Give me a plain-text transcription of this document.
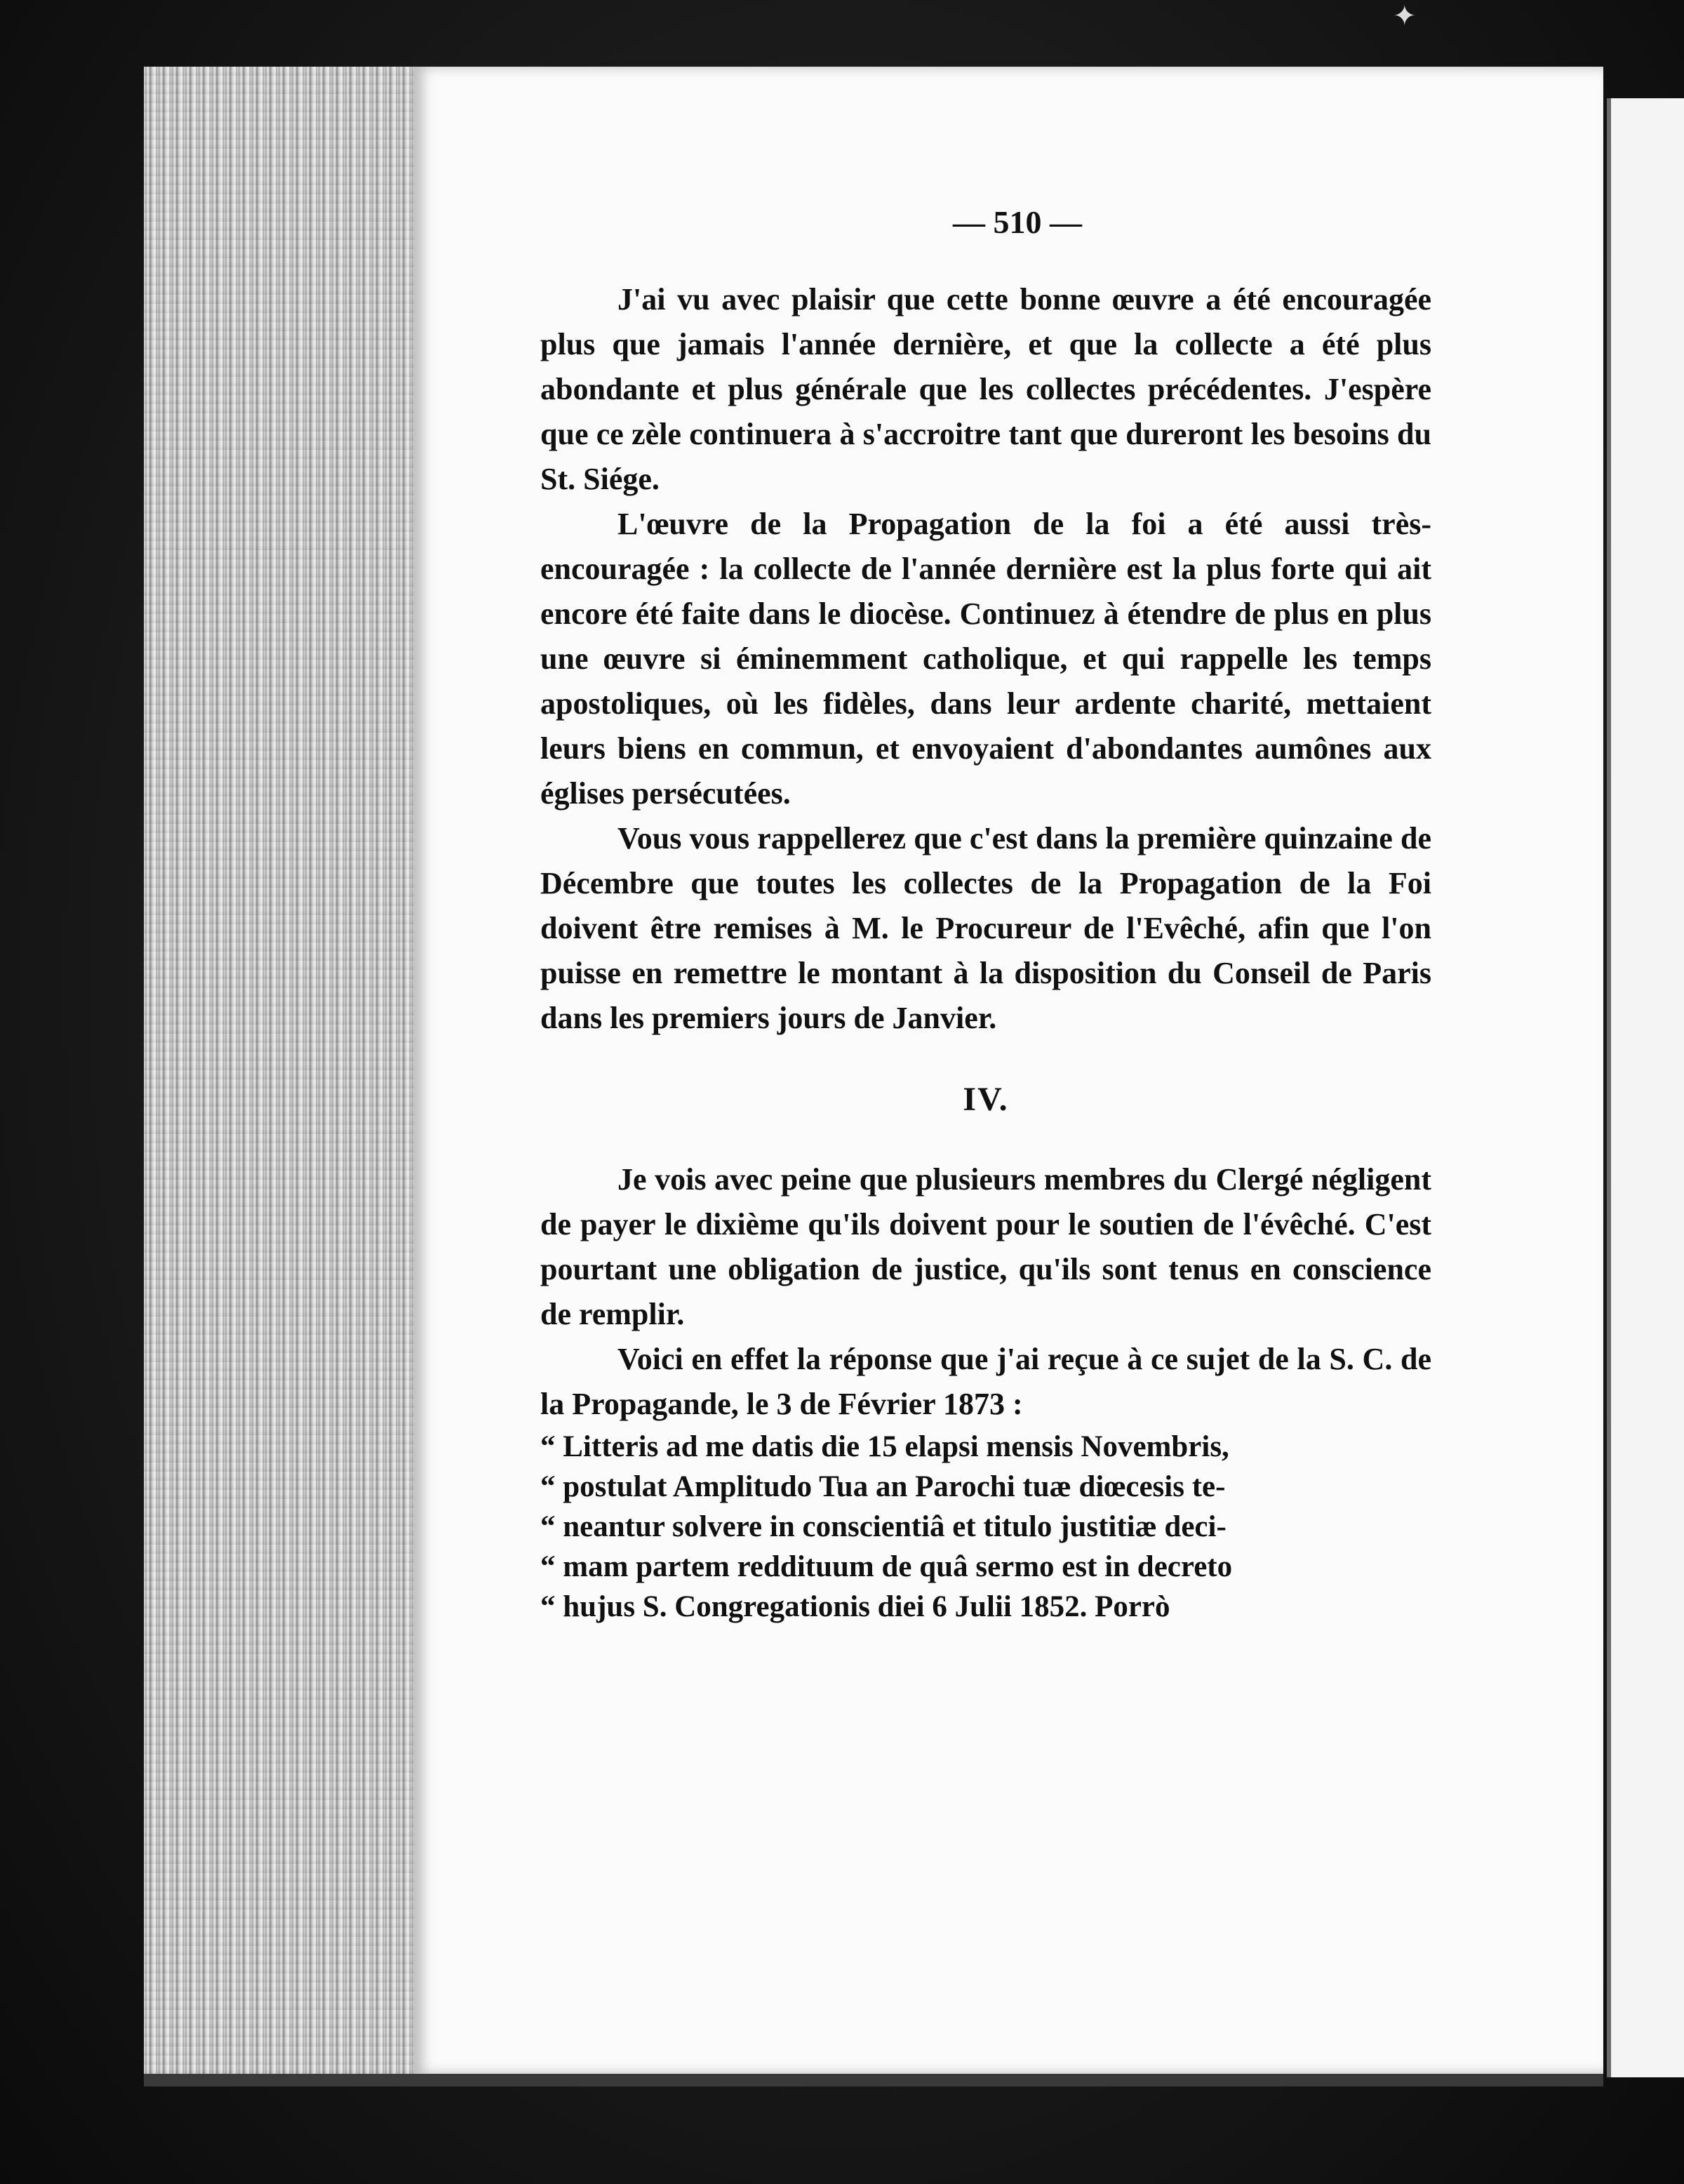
✦
— 510 —

J'ai vu avec plaisir que cette bonne œuvre a été encouragée plus que jamais l'année dernière, et que la collecte a été plus abondante et plus générale que les collectes précédentes. J'espère que ce zèle continuera à s'accroitre tant que dureront les besoins du St. Siége.

L'œuvre de la Propagation de la foi a été aussi très-encouragée : la collecte de l'année dernière est la plus forte qui ait encore été faite dans le diocèse. Continuez à étendre de plus en plus une œuvre si éminemment catholique, et qui rappelle les temps apostoliques, où les fidèles, dans leur ardente charité, mettaient leurs biens en commun, et envoyaient d'abondantes aumônes aux églises persécutées.

Vous vous rappellerez que c'est dans la première quinzaine de Décembre que toutes les collectes de la Propagation de la Foi doivent être remises à M. le Procureur de l'Evêché, afin que l'on puisse en remettre le montant à la disposition du Conseil de Paris dans les premiers jours de Janvier.

IV.

Je vois avec peine que plusieurs membres du Clergé négligent de payer le dixième qu'ils doivent pour le soutien de l'évêché. C'est pourtant une obligation de justice, qu'ils sont tenus en conscience de remplir.

Voici en effet la réponse que j'ai reçue à ce sujet de la S. C. de la Propagande, le 3 de Février 1873 :

“ Litteris ad me datis die 15 elapsi mensis Novembris,
“ postulat Amplitudo Tua an Parochi tuæ diœcesis te-
“ neantur solvere in conscientiâ et titulo justitiæ deci-
“ mam partem reddituum de quâ sermo est in decreto
“ hujus S. Congregationis diei 6 Julii 1852. Porrò
